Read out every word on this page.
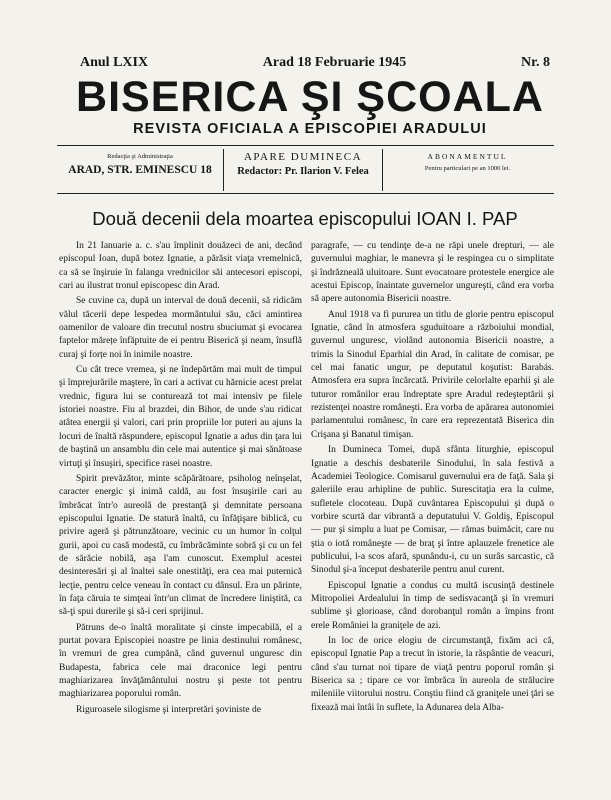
Anul LXIX	Arad 18 Februarie 1945	Nr. 8
BISERICA ŞI ŞCOALA
REVISTA OFICIALA A EPISCOPIEI ARADULUI
Redacţia şi Administraţia
ARAD, STR. EMINESCU 18
APARE DUMINECA
Redactor: Pr. Ilarion V. Felea
ABONAMENTUL
Pentru particulari pe an 1000 lei.
Două decenii dela moartea episcopului IOAN I. PAP

In 21 Ianuarie a. c. s'au împlinit douăzeci de ani, decând episcopul Ioan, după botez Ignatie, a părăsit viaţa vremelnică, ca să se înşiruie în falanga vrednicilor săi antecesori episcopi, cari au ilustrat tronul episcopesc din Arad.

Se cuvine ca, după un interval de două decenii, să ridicăm vălul tăcerii depe lespedea mormântului său, căci amintirea oamenilor de valoare din trecutul nostru sbuciumat şi evocarea faptelor mărețe înfăptuite de ei pentru Biserică şi neam, însuflă curaj şi forțe noi în inimile noastre.

Cu cât trece vremea, şi ne îndepărtăm mai mult de timpul şi împrejurările maştere, în cari a activat cu hărnicie acest prelat vrednic, figura lui se conturează tot mai intensiv pe filele istoriei noastre. Fiu al brazdei, din Bihor, de unde s'au ridicat atâtea energii şi valori, cari prin propriile lor puteri au ajuns la locuri de înaltă răspundere, episcopul Ignatie a adus din ţara lui de baştină un ansamblu din cele mai autentice şi mai sănătoase virtuţi şi însuşiri, specifice rasei noastre.

Spirit prevăzător, minte scăpărătoare, psiholog neînşelat, caracter energic şi inimă caldă, au fost însuşirile cari au îmbrăcat într'o aureolă de prestanţă şi demnitate persoana episcopului Ignatie. De statură înaltă, cu înfăţişare biblică, cu privire ageră şi pătrunzătoare, vecinic cu un humor în colţul gurii, apoi cu casă modestă, cu îmbrăcăminte sobră şi cu un fel de sărăcie nobilă, aşa l'am cunoscut. Exemplul acestei desinteresări şi al înaltei sale onestităţi, era cea mai puternică lecţie, pentru celce veneau în contact cu dânsul. Era un părinte, în faţa căruia te simţeai într'un climat de încredere liniştită, ca să-ţi spui durerile şi să-i ceri sprijinul.

Pătruns de-o înaltă moralitate şi cinste impecabilă, el a purtat povara Episcopiei noastre pe linia destinului românesc, în vremuri de grea cumpănă, când guvernul unguresc din Budapesta, fabrica cele mai draconice legi pentru maghiarizarea învăţământului nostru şi peste tot pentru maghiarizarea poporului român.

Riguroasele silogisme şi interpretări şoviniste de

paragrafe, — cu tendinţe de-a ne răpi unele drepturi, — ale guvernului maghiar, le manevra şi le respingea cu o simplitate şi îndrăzneală uluitoare. Sunt evocatoare protestele energice ale acestui Episcop, înaintate guvernelor ungureşti, când era vorba să apere autonomia Bisericii noastre.

Anul 1918 va fi pururea un titlu de glorie pentru episcopul Ignatie, când în atmosfera sguduitoare a războiului mondial, guvernul unguresc, violând autonomia Bisericii noastre, a trimis la Sinodul Eparhial din Arad, în calitate de comisar, pe cel mai fanatic ungur, pe deputatul koşutist: Barabás. Atmosfera era supra încărcată. Privirile celorlalte eparhii şi ale tuturor românilor erau îndreptate spre Aradul redeşteptării şi rezistenţei noastre româneşti. Era vorba de apărarea autonomiei parlamentului românesc, în care era reprezentată Biserica din Crişana şi Banatul timişan.

In Dumineca Tomei, după sfânta liturghie, episcopul Ignatie a deschis desbaterile Sinodului, în sala festivă a Academiei Teologice. Comisarul guvernului era de faţă. Sala şi galeriile erau arhipline de public. Surescitaţia era la culme, sufletele clocoteau. După cuvântarea Episcopului şi după o vorbire scurtă dar vibrantă a deputatului V. Goldiş, Episcopul — pur şi simplu a luat pe Comisar, — rămas buimăcit, care nu ştia o iotă româneşte — de braţ şi între aplauzele frenetice ale publicului, l-a scos afară, spunându-i, cu un surâs sarcastic, că Sinodul şi-a început desbaterile pentru anul curent.

Episcopul Ignatie a condus cu multă iscusinţă destinele Mitropoliei Ardealului în timp de sedisvacanţă şi în vremuri sublime şi glorioase, când dorobanţul român a împins front erele României la graniţele de azi.

In loc de orice elogiu de circumstanţă, fixăm aci că, episcopul Ignatie Pap a trecut în istorie, la răspântie de veacuri, când s'au turnat noi tipare de viaţă pentru poporul român şi Biserica sa ; tipare ce vor îmbrăca în aureola de strălucire mileniile viitorului nostru. Conştiu fiind că graniţele unei ţări se fixează mai întâi în suflete, la Adunarea dela Alba-
